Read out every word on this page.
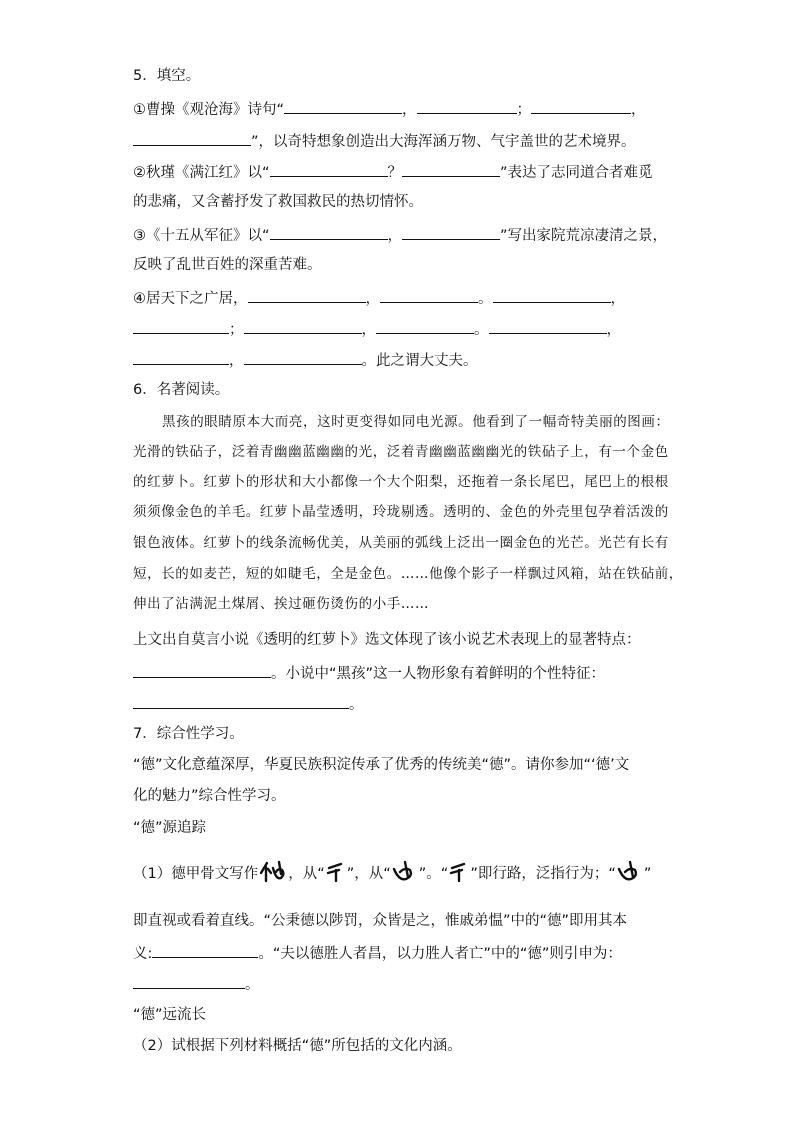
5．填空。
①曹操《观沧海》诗句“	，	；	，
”，以奇特想象创造出大海浑涵万物、气宇盖世的艺术境界。
②秋瑾《满江红》以“	？	”表达了志同道合者难觅
的悲痛，又含蓄抒发了救国救民的热切情怀。
③《十五从军征》以“	，	”写出家院荒凉凄清之景，
反映了乱世百姓的深重苦难。
④居天下之广居，	，	。	，
；	，	。	，
，	。此之谓大丈夫。
6．名著阅读。
黑孩的眼睛原本大而亮，这时更变得如同电光源。他看到了一幅奇特美丽的图画：
光滑的铁砧子，泛着青幽幽蓝幽幽的光，泛着青幽幽蓝幽幽光的铁砧子上，有一个金色
的红萝卜。红萝卜的形状和大小都像一个大个阳梨，还拖着一条长尾巴，尾巴上的根根
须须像金色的羊毛。红萝卜晶莹透明，玲珑剔透。透明的、金色的外壳里包孕着活泼的
银色液体。红萝卜的线条流畅优美，从美丽的弧线上泛出一圈金色的光芒。光芒有长有
短，长的如麦芒，短的如睫毛，全是金色。……他像个影子一样飘过风箱，站在铁砧前，
伸出了沾满泥土煤屑、挨过砸伤烫伤的小手……
上文出自莫言小说《透明的红萝卜》选文体现了该小说艺术表现上的显著特点：
。小说中“黑孩”这一人物形象有着鲜明的个性特征：
。
7．综合性学习。
“德”文化意蕴深厚，华夏民族积淀传承了优秀的传统美“德”。请你参加“‘德’文
化的魅力”综合性学习。
“德”源追踪
（1）德甲骨文写作 ，从“ ”，从“ ”。“ ”即行路，泛指行为；“ ”
即直视或看着直线。“公秉德以陟罚，众皆是之，惟戚弟愠”中的“德”即用其本
义:	。“夫以德胜人者昌，以力胜人者亡”中的“德”则引申为：
。
“德”远流长
（2）试根据下列材料概括“德”所包括的文化内涵。
